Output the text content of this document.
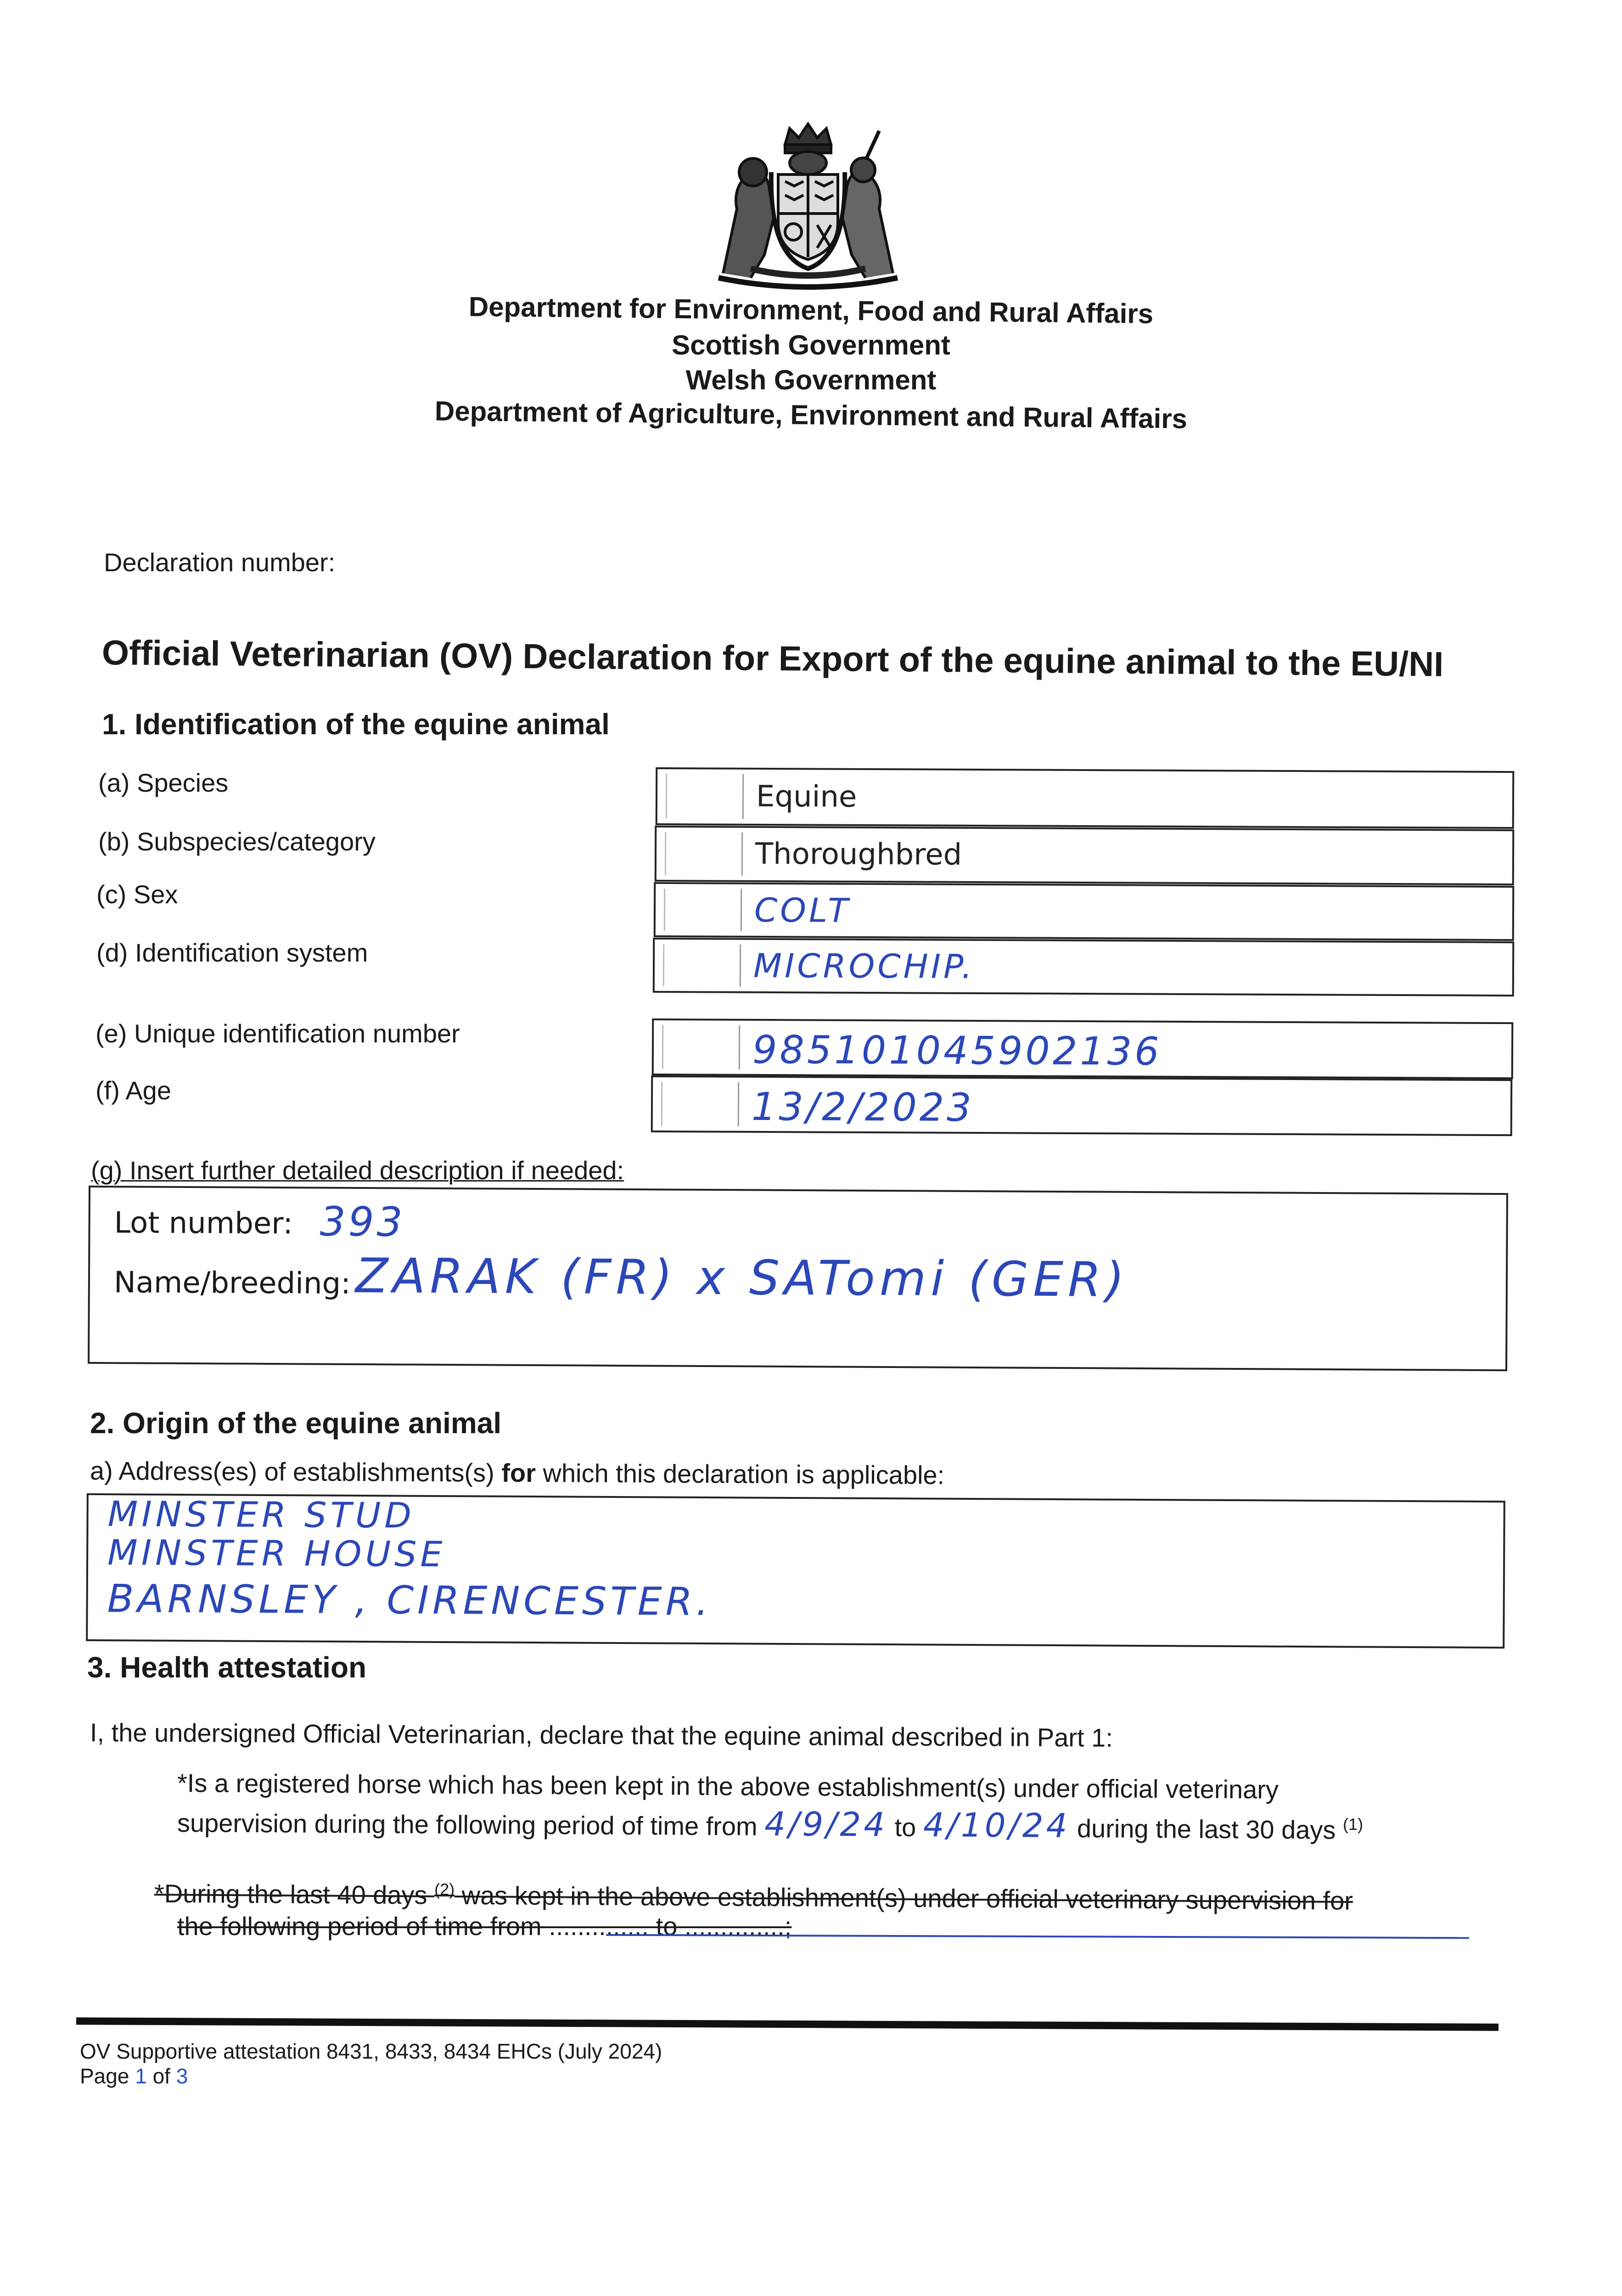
Department for Environment, Food and Rural Affairs
Scottish Government
Welsh Government
Department of Agriculture, Environment and Rural Affairs
Declaration number:
Official Veterinarian (OV) Declaration for Export of the equine animal to the EU/NI
1. Identification of the equine animal
(a) Species
(b) Subspecies/category
(c) Sex
(d) Identification system
(e) Unique identification number
(f) Age
Equine
Thoroughbred
COLT
MICROCHIP.
985101045902136
13/2/2023
(g) Insert further detailed description if needed:
Lot number: 393
Name/breeding: ZARAK (FR) x SATomi (GER)
2. Origin of the equine animal
a) Address(es) of establishments(s) for which this declaration is applicable:
MINSTER STUD
MINSTER HOUSE
BARNSLEY , CIRENCESTER.
3. Health attestation
I, the undersigned Official Veterinarian, declare that the equine animal described in Part 1:
*Is a registered horse which has been kept in the above establishment(s) under official veterinary
supervision during the following period of time from 4/9/24 to 4/10/24 during the last 30 days $^{(1)}$
*During the last 40 days $^{(2)}$ was kept in the above establishment(s) under official veterinary supervision for
the following period of time from .............. to ..............;
OV Supportive attestation 8431, 8433, 8434 EHCs (July 2024)
Page 1 of 3
